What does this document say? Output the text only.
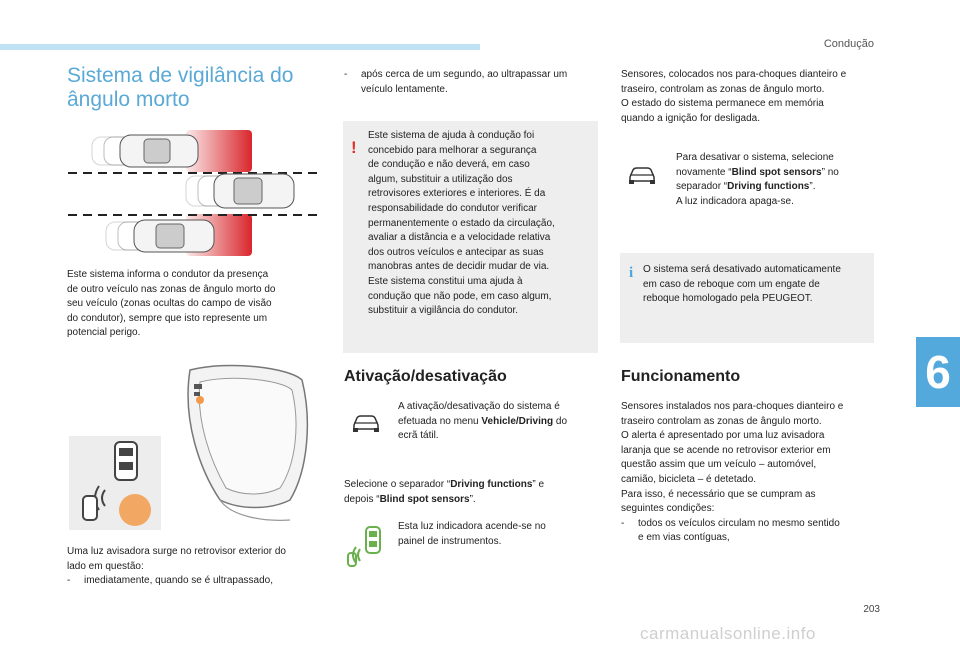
Condução
Sistema de vigilância do
ângulo morto
Este sistema informa o condutor da presença
de outro veículo nas zonas de ângulo morto do
seu veículo (zonas ocultas do campo de visão
do condutor), sempre que isto represente um
potencial perigo.
Uma luz avisadora surge no retrovisor exterior do
lado em questão:
-	imediatamente, quando se é ultrapassado,
-	após cerca de um segundo, ao ultrapassar um
veículo lentamente.
!
Este sistema de ajuda à condução foi
concebido para melhorar a segurança
de condução e não deverá, em caso
algum, substituir a utilização dos
retrovisores exteriores e interiores. É da
responsabilidade do condutor verificar
permanentemente o estado da circulação,
avaliar a distância e a velocidade relativa
dos outros veículos e antecipar as suas
manobras antes de decidir mudar de via.
Este sistema constitui uma ajuda à
condução que não pode, em caso algum,
substituir a vigilância do condutor.
Ativação/desativação
A ativação/desativação do sistema é
efetuada no menu Vehicle/Driving do
ecrã tátil.
Selecione o separador “Driving functions” e
depois “Blind spot sensors”.
Esta luz indicadora acende-se no
painel de instrumentos.
Sensores, colocados nos para-choques dianteiro e
traseiro, controlam as zonas de ângulo morto.
O estado do sistema permanece em memória
quando a ignição for desligada.
Para desativar o sistema, selecione
novamente “Blind spot sensors” no
separador “Driving functions”.
A luz indicadora apaga-se.
i O sistema será desativado automaticamente
em caso de reboque com um engate de
reboque homologado pela PEUGEOT.
Funcionamento
Sensores instalados nos para-choques dianteiro e
traseiro controlam as zonas de ângulo morto.
O alerta é apresentado por uma luz avisadora
laranja que se acende no retrovisor exterior em
questão assim que um veículo – automóvel,
camião, bicicleta – é detetado.
Para isso, é necessário que se cumpram as
seguintes condições:
-	todos os veículos circulam no mesmo sentido
e em vias contíguas,
6
203
carmanualsonline.info
